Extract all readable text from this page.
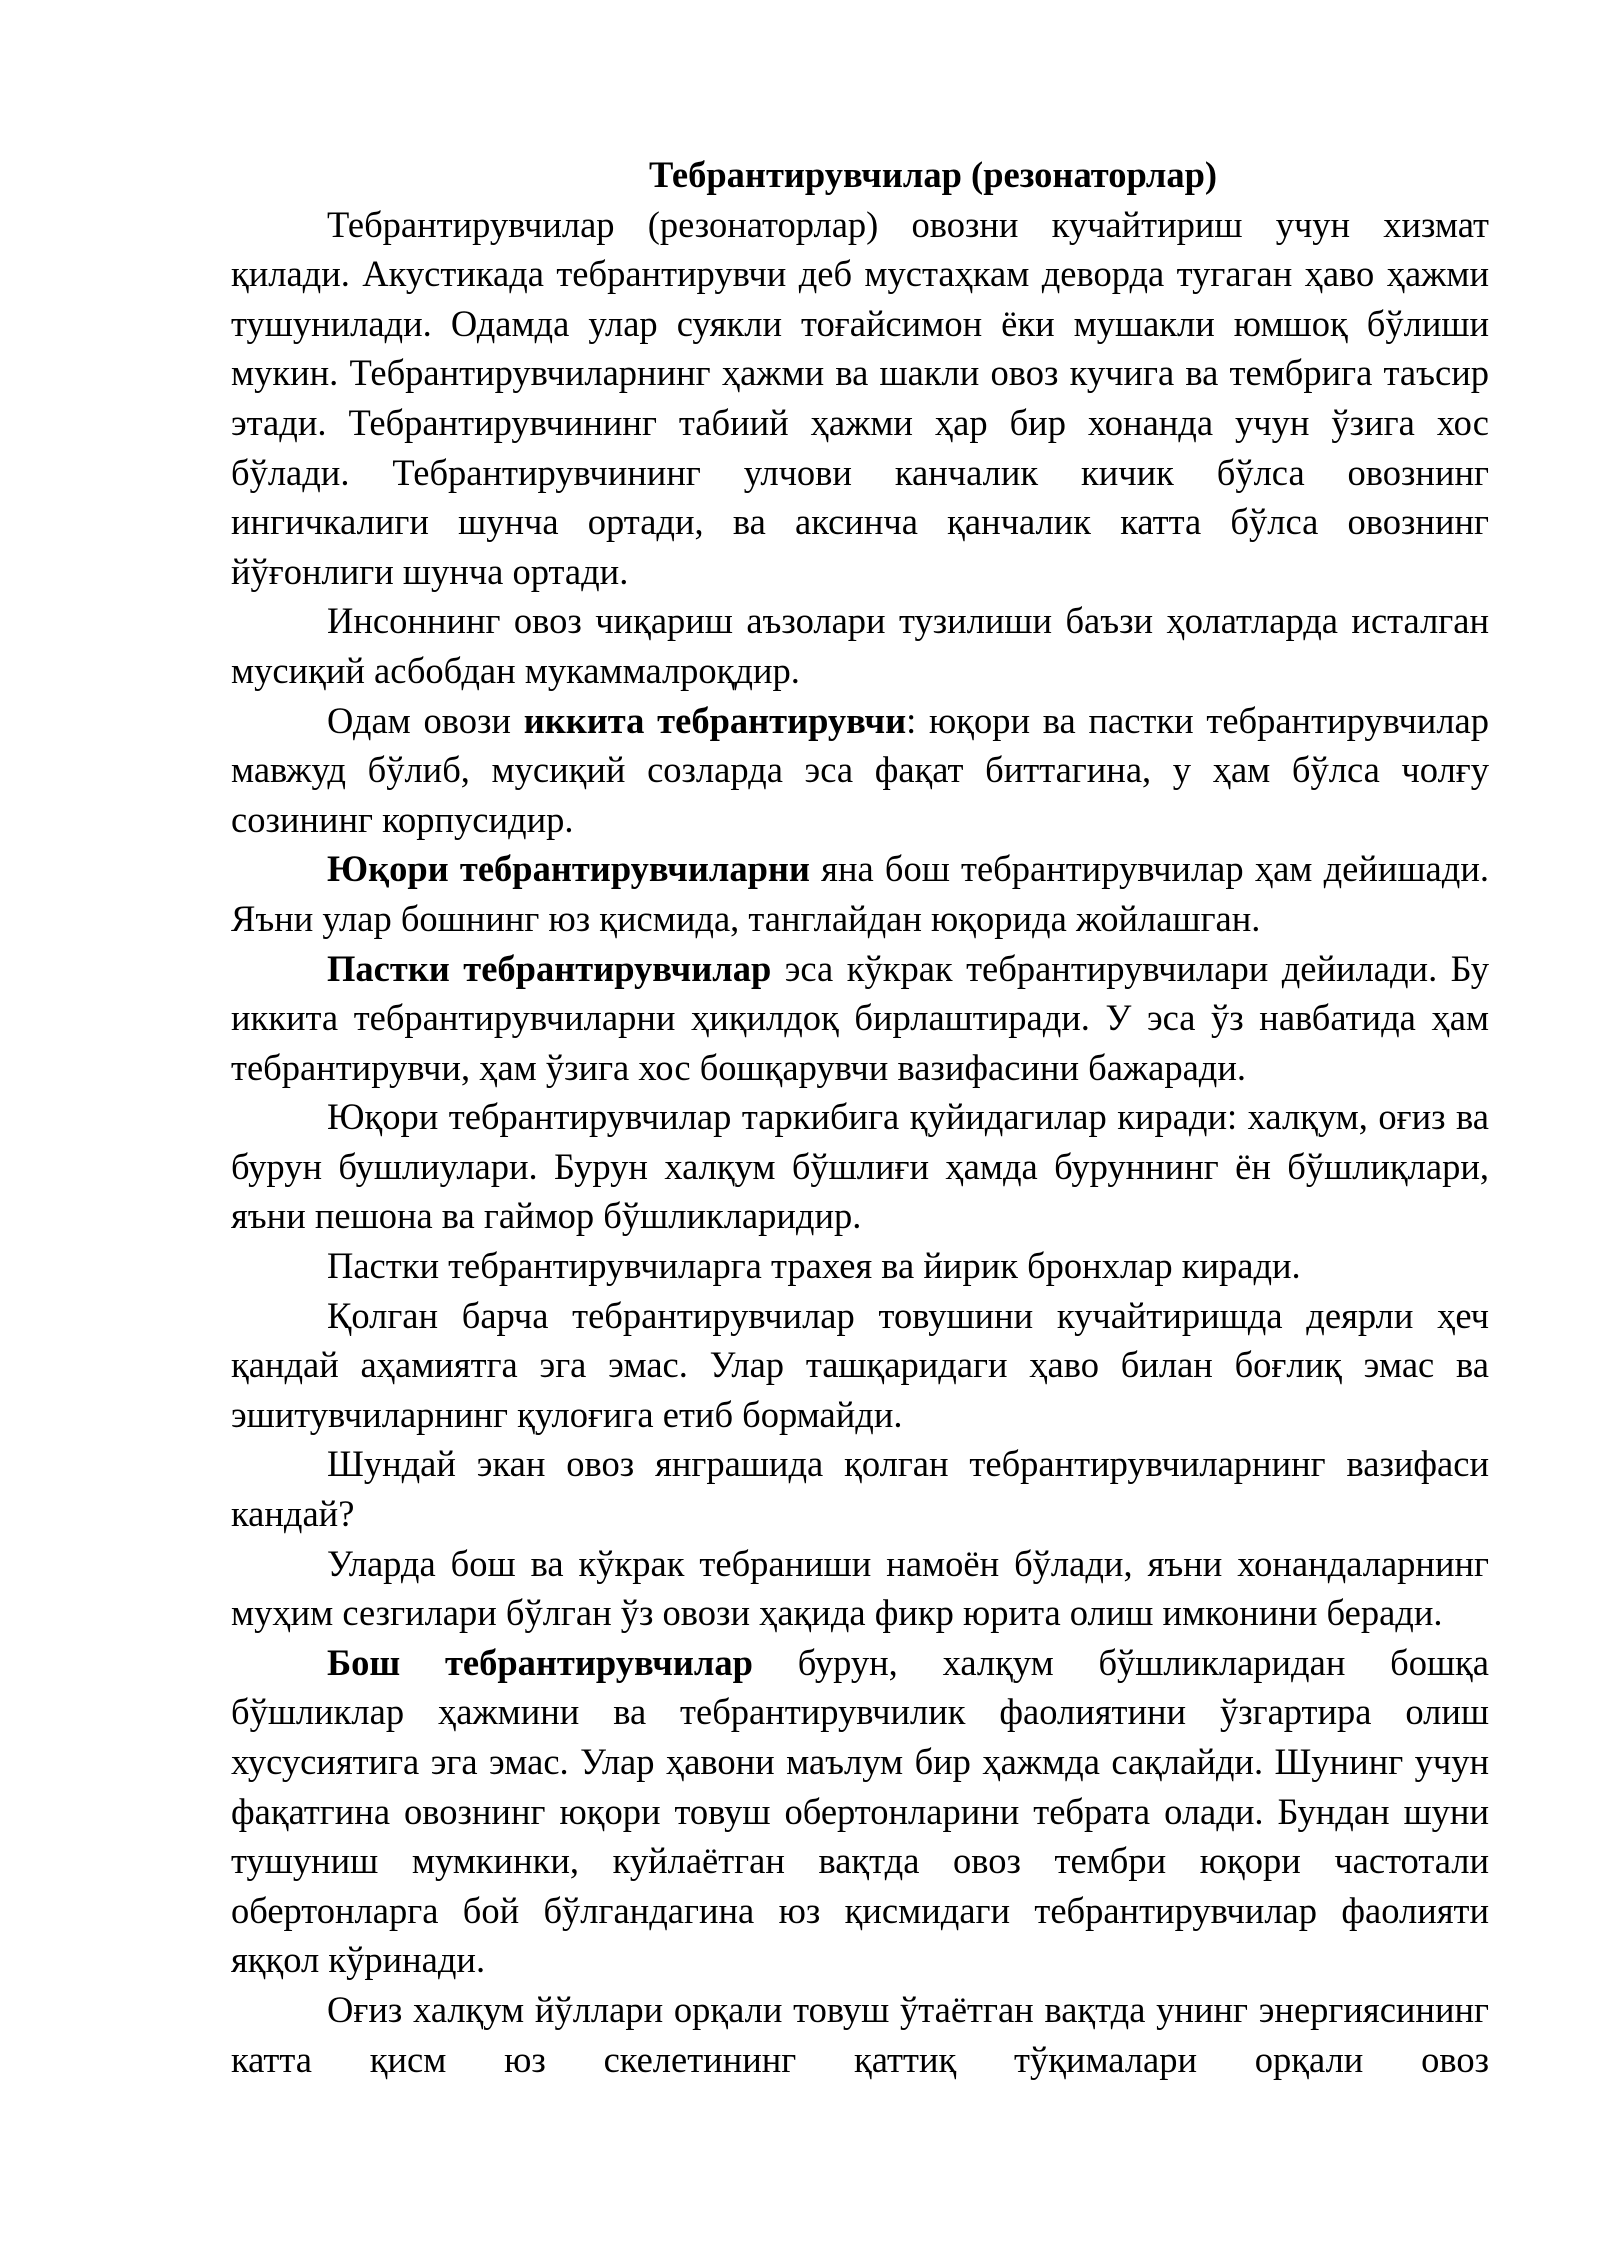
Тебрантирувчилар (резонаторлар)

Тебрантирувчилар (резонаторлар) овозни кучайтириш учун хизмат қилади. Акустикада тебрантирувчи деб мустаҳкам деворда тугаган ҳаво ҳажми тушунилади. Одамда улар суякли тоғайсимон ёки мушакли юмшоқ бўлиши мукин. Тебрантирувчиларнинг ҳажми ва шакли овоз кучига ва тембрига таъсир этади. Тебрантирувчининг табиий ҳажми ҳар бир хонанда учун ўзига хос бўлади. Тебрантирувчининг улчови канчалик кичик бўлса овознинг ингичкалиги шунча ортади, ва аксинча қанчалик катта бўлса овознинг йўғонлиги шунча ортади.

Инсоннинг овоз чиқариш аъзолари тузилиши баъзи ҳолатларда исталган мусиқий асбобдан мукаммалроқдир.

Одам овози иккита тебрантирувчи: юқори ва пастки тебрантирувчилар мавжуд бўлиб, мусиқий созларда эса фақат биттагина, у ҳам бўлса чолғу созининг корпусидир.

Юқори тебрантирувчиларни яна бош тебрантирувчилар ҳам дейишади. Яъни улар бошнинг юз қисмида, танглайдан юқорида жойлашган.

Пастки тебрантирувчилар эса кўкрак тебрантирувчилари дейилади. Бу иккита тебрантирувчиларни ҳиқилдоқ бирлаштиради. У эса ўз навбатида ҳам тебрантирувчи, ҳам ўзига хос бошқарувчи вазифасини бажаради.

Юқори тебрантирувчилар таркибига қуйидагилар киради: халқум, оғиз ва бурун бушлиулари. Бурун халқум бўшлиғи ҳамда буруннинг ён бўшлиқлари, яъни пешона ва гаймор бўшликларидир.

Пастки тебрантирувчиларга трахея ва йирик бронхлар киради.

Қолган барча тебрантирувчилар товушини кучайтиришда деярли ҳеч қандай аҳамиятга эга эмас. Улар ташқаридаги ҳаво билан боғлиқ эмас ва эшитувчиларнинг қулоғига етиб бормайди.

Шундай экан овоз янграшида қолган тебрантирувчиларнинг вазифаси кандай?

Уларда бош ва кўкрак тебраниши намоён бўлади, яъни хонандаларнинг муҳим сезгилари бўлган ўз овози ҳақида фикр юрита олиш имконини беради.

Бош тебрантирувчилар бурун, халқум бўшликларидан бошқа бўшликлар ҳажмини ва тебрантирувчилик фаолиятини ўзгартира олиш хусусиятига эга эмас. Улар ҳавони маълум бир ҳажмда сақлайди. Шунинг учун фақатгина овознинг юқори товуш обертонларини тебрата олади. Бундан шуни тушуниш мумкинки, куйлаётган вақтда овоз тембри юқори частотали обертонларга бой бўлгандагина юз қисмидаги тебрантирувчилар фаолияти яққол кўринади.

Оғиз халқум йўллари орқали товуш ўтаётган вақтда унинг энергиясининг катта қисм юз скелетининг қаттиқ тўқималари орқали овоз
